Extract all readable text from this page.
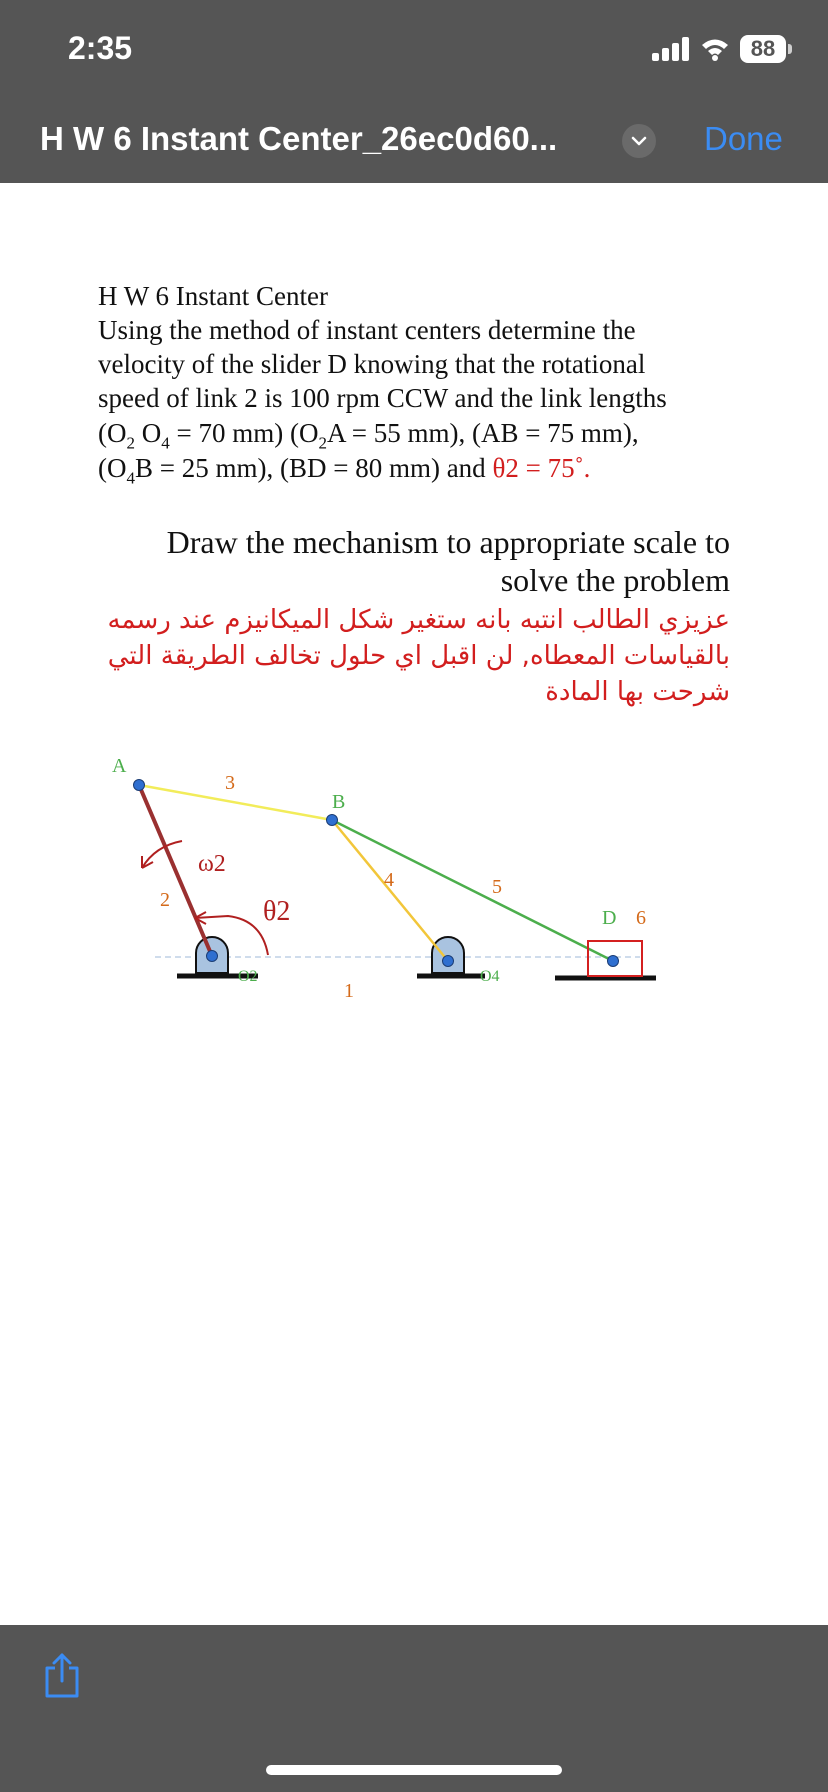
2:35	88
H W 6 Instant Center_26ec0d60...	Done
H W 6 Instant Center
Using the method of instant centers determine the
velocity of the slider D knowing that the rotational
speed of link 2 is 100 rpm CCW and the link lengths
($O_2$ $O_4 = 70$ mm) ($O_2A = 55$ mm), (AB = 75 mm),
($O_4B = 25$ mm), (BD = 80 mm) and θ2 = 75˚.
Draw the mechanism to appropriate scale to
solve the problem
عزيزي الطالب انتبه بانه ستغير شكل الميكانيزم عند رسمه
بالقياسات المعطاه, لن اقبل اي حلول تخالف الطريقة التي
شرحت بها المادة
A
3
B
ω2
4	5
2	θ2	D 6
O2
1
O4
